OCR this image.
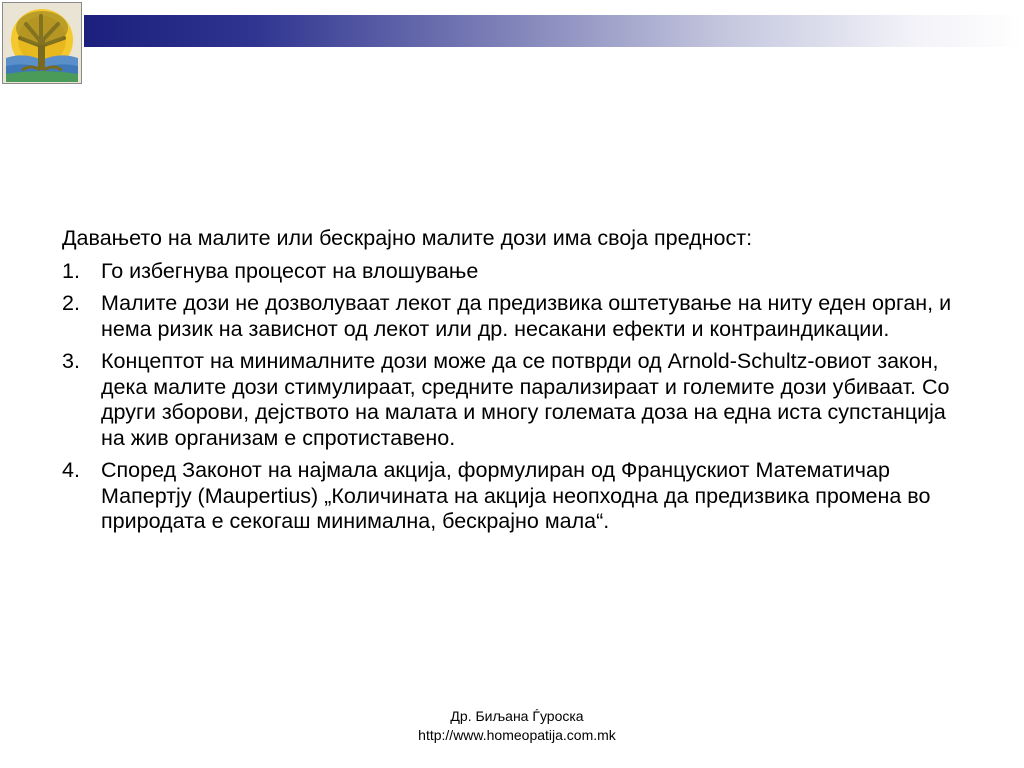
Давањето на малите или бескрајно малите дози има своја предност:

1. Го избегнува процесот на влошување
2. Малите дози не дозволуваат лекот да предизвика оштетување на ниту еден орган, и нема ризик на зависнот од лекот или др. несакани ефекти и контраиндикации.
3. Концептот на минималните дози може да се потврди од Arnold-Schultz-овиот закон, дека малите дози стимулираат, средните парализираат и големите дози убиваат. Со други зборови, дејството на малата и многу големата доза на една иста супстанција на жив организам е спротиставено.
4. Според Законот на најмала акција, формулиран од Францускиот Математичар Мапертју (Maupertius) „Количината на акција неопходна да предизвика промена во природата е секогаш минимална, бескрајно мала“.
Др. Биљана Ѓуроска
http://www.homeopatija.com.mk
